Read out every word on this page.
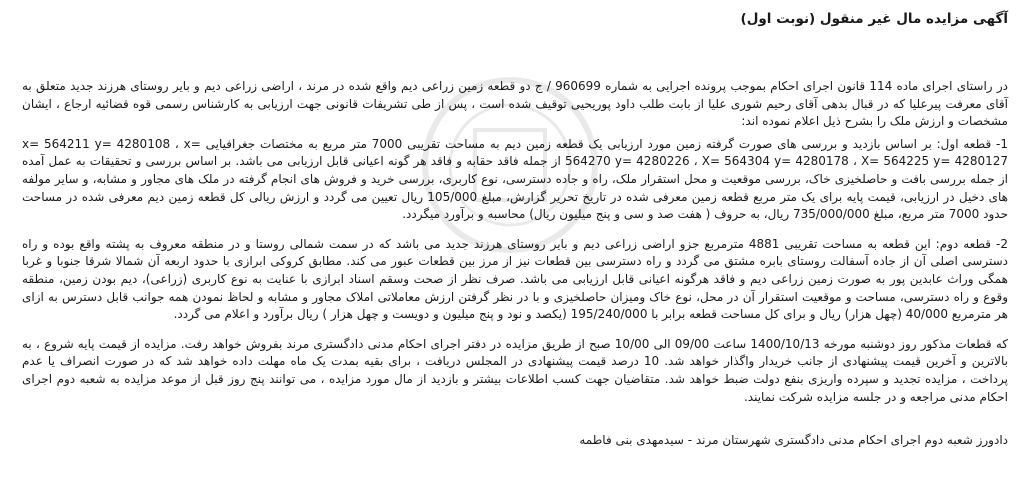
آگهی مزایده مال غیر منقول (نوبت اول)

در راستای اجرای ماده 114 قانون اجرای احکام بموجب پرونده اجرایی به شماره 960699 / ج دو قطعه زمین زراعی دیم واقع شده در مرند ، اراضی زراعی دیم و بایر روستای هرزند جدید متعلق به آقای معرفت پیرعلیا که در قبال بدهی آقای رحیم شوری علیا از بابت طلب داود پوریحیی توقیف شده است ، پس از طی تشریفات قانونی جهت ارزیابی به کارشناس رسمی قوه قضائیه ارجاع ، ایشان مشخصات و ارزش ملک را بشرح ذیل اعلام نموده اند:

1- قطعه اول: بر اساس بازدید و بررسی های صورت گرفته زمین مورد ارزیابی یک قطعه زمین دیم به مساحت تقریبی 7000 متر مربع به مختصات جغرافیایی x= 564211 y= 4280108 ، x= 564270 y= 4280226 ، X= 564304 y= 4280178 ، X= 564225 y= 4280127 از جمله فاقد حقابه و فاقد هر گونه اعیانی قابل ارزیابی می باشد. بر اساس بررسی و تحقیقات به عمل آمده از جمله بررسی بافت و حاصلخیزی خاک، بررسی موقعیت و محل استقرار ملک، راه و جاده دسترسی، نوع کاربری، بررسی خرید و فروش های انجام گرفته در ملک های مجاور و مشابه، و سایر مولفه های دخیل در ارزیابی، قیمت پایه برای یک متر مربع قطعه زمین معرفی شده در تاریخ تحریر گزارش، مبلغ 105/000 ریال تعیین می گردد و ارزش ریالی کل قطعه زمین دیم معرفی شده در مساحت حدود 7000 متر مربع، مبلغ 735/000/000 ریال، به حروف ( هفت صد و سی و پنج میلیون ریال) محاسبه و برآورد میگردد.

2- قطعه دوم: این قطعه به مساحت تقریبی 4881 مترمربع جزو اراضی زراعی دیم و بایر روستای هرزند جدید می باشد که در سمت شمالی روستا و در منطقه معروف به پشته واقع بوده و راه دسترسی اصلی آن از جاده آسفالت روستای بابره مشتق می گردد و راه دسترسی بین قطعات نیز از مرز بین قطعات عبور می کند. مطابق کروکی ابرازی با حدود اربعه آن شمالا شرقا جنوبا و غربا همگی وراث عابدین پور به صورت زمین زراعی دیم و فاقد هرگونه اعیانی قابل ارزیابی می باشد. صرف نظر از صحت وسقم اسناد ابرازی با عنایت به نوع کاربری (زراعی)، دیم بودن زمین، منطقه وقوع و راه دسترسی، مساحت و موقعیت استقرار آن در محل، نوع خاک ومیزان حاصلخیزی و با در نظر گرفتن ارزش معاملاتی املاک مجاور و مشابه و لحاظ نمودن همه جوانب قابل دسترس به ازای هر مترمربع 40/000 (چهل هزار) ریال و برای کل مساحت قطعه برابر با 195/240/000 (یکصد و نود و پنج میلیون و دویست و چهل هزار ) ریال برآورد و اعلام می گردد.

که قطعات مذکور روز دوشنبه مورخه 1400/10/13 ساعت 09/00 الی 10/00 صبح از طریق مزایده در دفتر اجرای احکام مدنی دادگستری مرند بفروش خواهد رفت. مزایده از قیمت پایه شروع ، به بالاترین و آخرین قیمت پیشنهادی از جانب خریدار واگذار خواهد شد. 10 درصد قیمت پیشنهادی در المجلس دریافت ، برای بقیه بمدت یک ماه مهلت داده خواهد شد که در صورت انصراف یا عدم پرداخت ، مزایده تجدید و سپرده واریزی بنفع دولت ضبط خواهد شد. متقاضیان جهت کسب اطلاعات بیشتر و بازدید از مال مورد مزایده ، می توانند پنج روز قبل از موعد مزایده به شعبه دوم اجرای احکام مدنی مراجعه و در جلسه مزایده شرکت نمایند.

دادورز شعبه دوم اجرای احکام مدنی دادگستری شهرستان مرند - سیدمهدی بنی فاطمه
